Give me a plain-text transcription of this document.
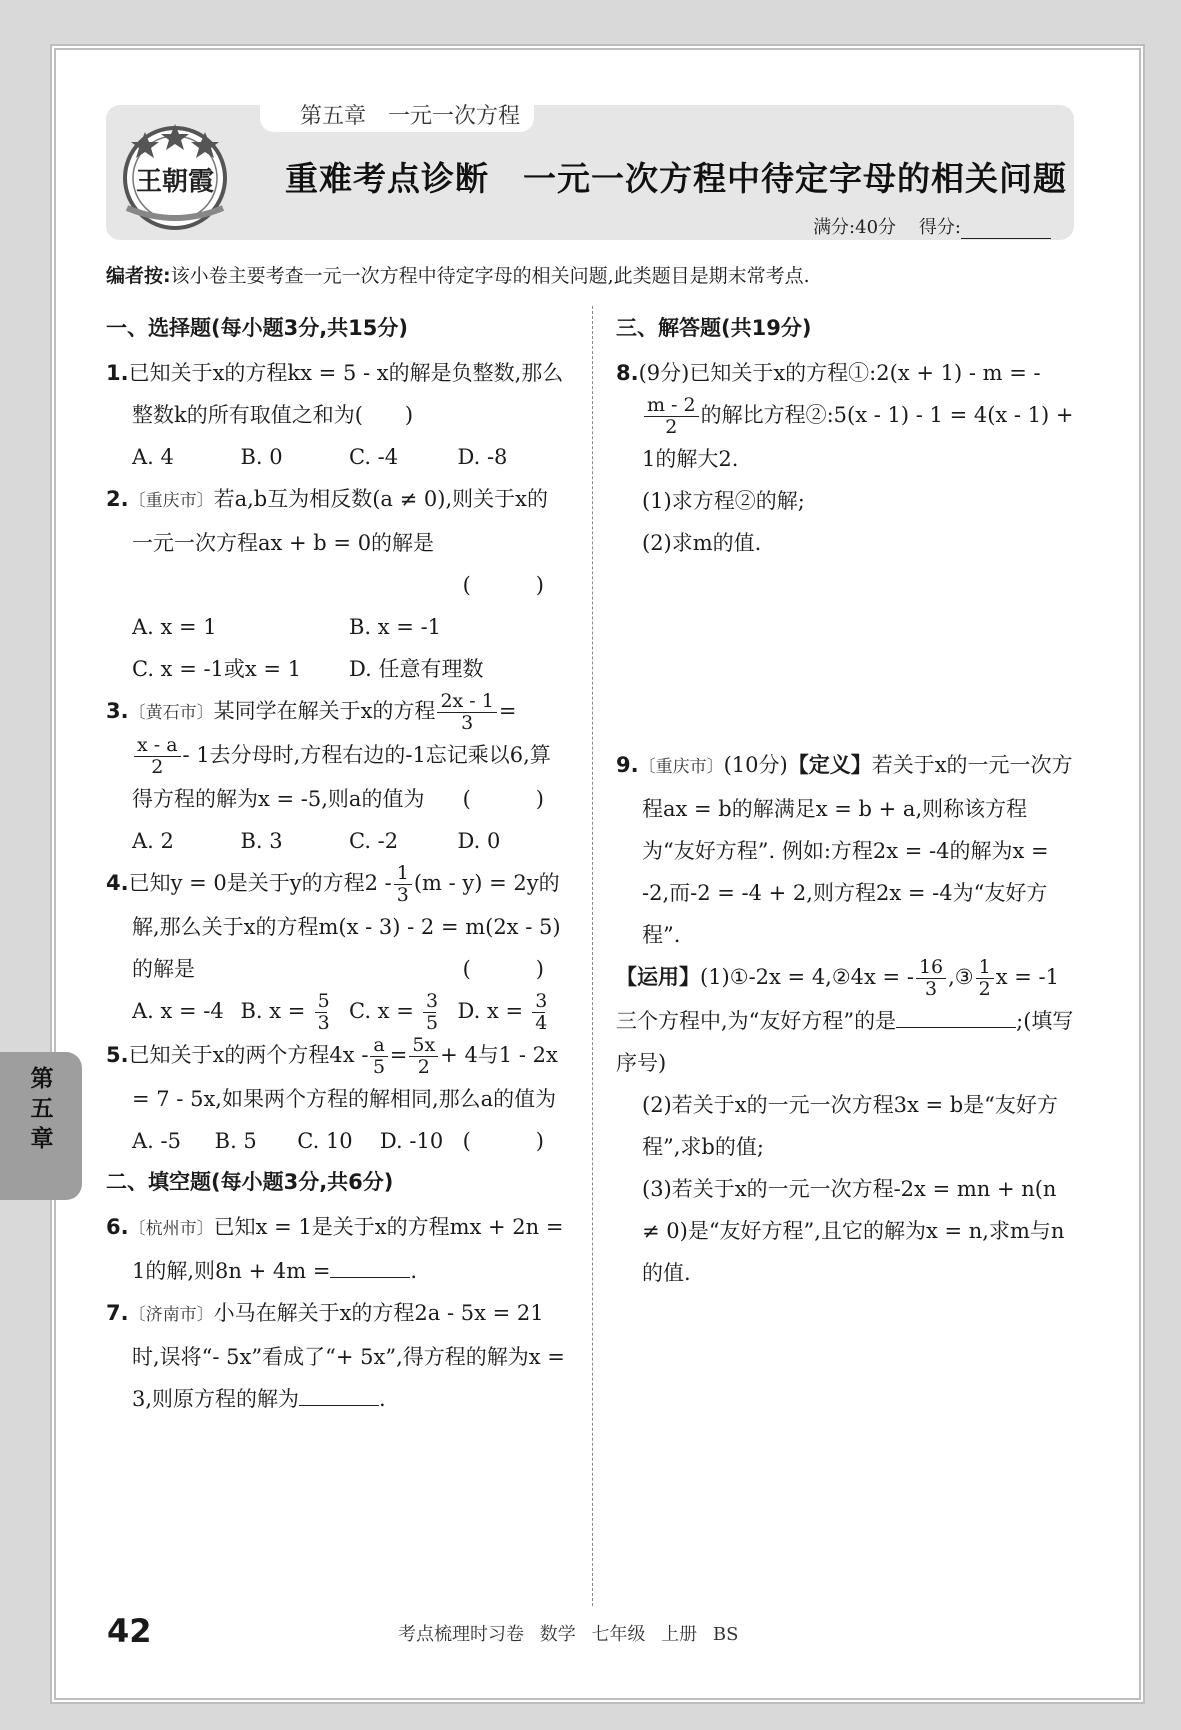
王朝霞
第五章　一元一次方程
重难考点诊断　一元一次方程中待定字母的相关问题
满分:40分 得分:
编者按:该小卷主要考查一元一次方程中待定字母的相关问题,此类题目是期末常考点.
一、选择题(每小题3分,共15分)

1.已知关于x的方程kx = 5 - x的解是负整数,那么整数k的所有取值之和为(　　)

A. 4	B. 0	C. -4	D. -8

2.〔重庆市〕若a,b互为相反数(a ≠ 0),则关于x的一元一次方程ax + b = 0的解是

(　)

A. x = 1	B. x = -1
C. x = -1或x = 1	D. 任意有理数

3.〔黄石市〕某同学在解关于x的方程 $\frac{2x - 1}{3}$ =

$\frac{x - a}{2} - 1$去分母时,方程右边的-1忘记乘以6,算得方程的解为x = -5,则a的值为 (　)

A. 2	B. 3	C. -2	D. 0

4.已知y = 0是关于y的方程$2 - \frac{1}{3} (m - y) = 2y$的解,那么关于x的方程m(x - 3) - 2 = m(2x - 5)的解是	(　)

A. x = -4 B. $x = \frac{5}{3} C$. $x = \frac{3}{5} D$. $x = \frac{3}{4}$

5.已知关于x的两个方程$4x - \frac{a}{5} = \frac{5x}{2} + 4$与1 - 2x = 7 - 5x,如果两个方程的解相同,那么a的值为
(　)

A. -5	B. 5	C. 10	D. -10
二、填空题(每小题3分,共6分)

6.〔杭州市〕已知x = 1是关于x的方程mx + 2n = 1的解,则8n + 4m =	.

7.〔济南市〕小马在解关于x的方程2a - 5x = 21时,误将“- 5x”看成了“+ 5x”,得方程的解为x = 3,则原方程的解为	.

三、解答题(共19分)

8.(9分)已知关于x的方程①:2(x + 1) - m = -
$\frac{m - 2}{2}$ 的解比方程②:5(x - 1) - 1 = 4(x - 1) + 1的解大2.

(1)求方程②的解;

(2)求m的值.

9.〔重庆市〕(10分)【定义】若关于x的一元一次方程ax = b的解满足x = b + a,则称该方程为“友好方程”. 例如:方程2x = -4的解为x = -2,而-2 = -4 + 2,则方程2x = -4为“友好方程”.

【运用】(1)①-2x = 4,②4x = - $\frac{16}{3}$ ,③ $\frac{1}{2}$ x = -1三个方程中,为“友好方程”的是	;(填写序号)

(2)若关于x的一元一次方程3x = b是“友好方程”,求b的值;

(3)若关于x的一元一次方程-2x = mn + n(n ≠ 0)是“友好方程”,且它的解为x = n,求m与n的值.

第五章
42	考点梳理时习卷 数学 七年级 上册 BS
